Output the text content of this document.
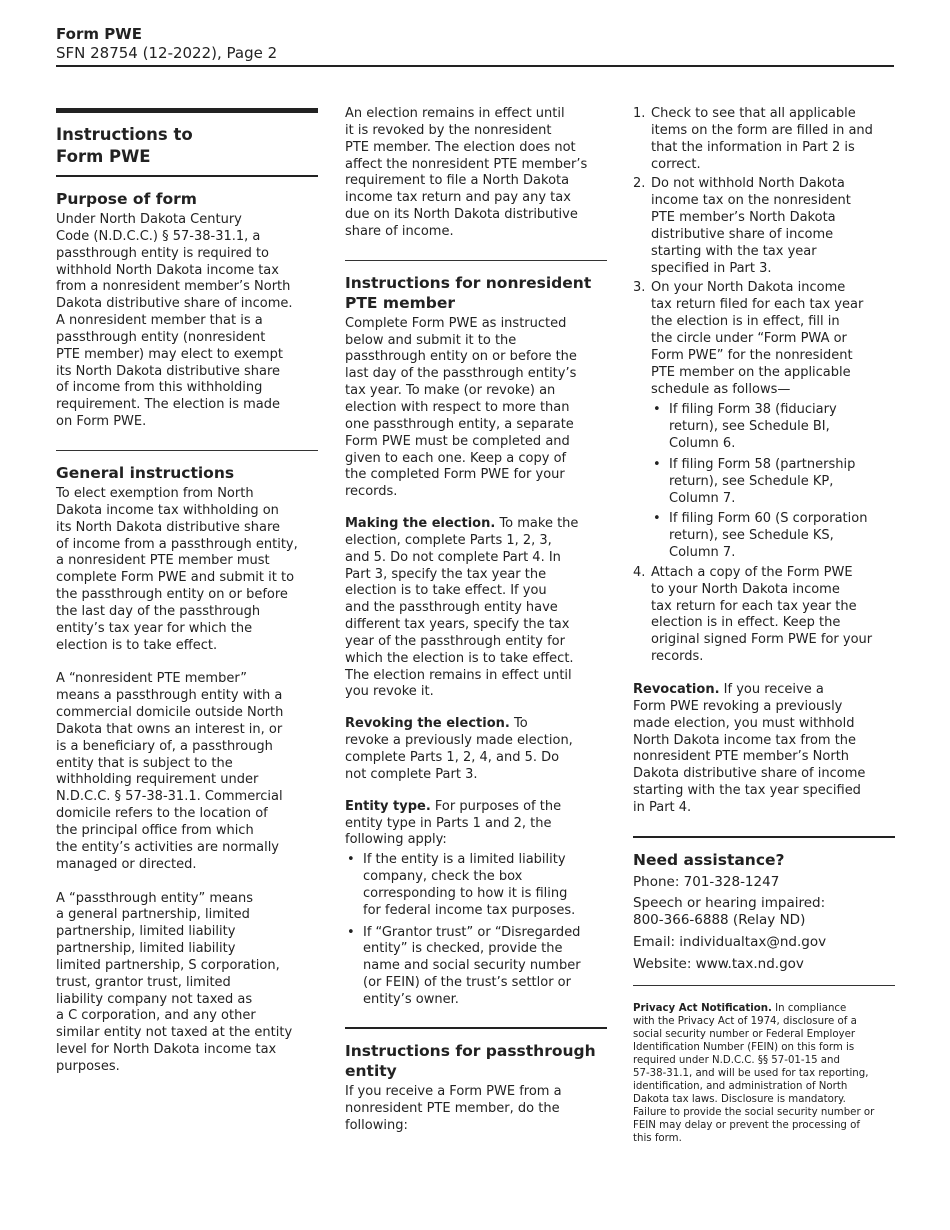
Form PWE
SFN 28754 (12-2022), Page 2
Instructions to
Form PWE
Purpose of form

Under North Dakota Century
Code (N.D.C.C.) § 57-38-31.1, a
passthrough entity is required to
withhold North Dakota income tax
from a nonresident member’s North
Dakota distributive share of income.
A nonresident member that is a
passthrough entity (nonresident
PTE member) may elect to exempt
its North Dakota distributive share
of income from this withholding
requirement. The election is made
on Form PWE.

General instructions

To elect exemption from North
Dakota income tax withholding on
its North Dakota distributive share
of income from a passthrough entity,
a nonresident PTE member must
complete Form PWE and submit it to
the passthrough entity on or before
the last day of the passthrough
entity’s tax year for which the
election is to take effect.

A “nonresident PTE member”
means a passthrough entity with a
commercial domicile outside North
Dakota that owns an interest in, or
is a beneficiary of, a passthrough
entity that is subject to the
withholding requirement under
N.D.C.C. § 57-38-31.1. Commercial
domicile refers to the location of
the principal office from which
the entity’s activities are normally
managed or directed.

A “passthrough entity” means
a general partnership, limited
partnership, limited liability
partnership, limited liability
limited partnership, S corporation,
trust, grantor trust, limited
liability company not taxed as
a C corporation, and any other
similar entity not taxed at the entity
level for North Dakota income tax
purposes.

An election remains in effect until
it is revoked by the nonresident
PTE member. The election does not
affect the nonresident PTE member’s
requirement to file a North Dakota
income tax return and pay any tax
due on its North Dakota distributive
share of income.

Instructions for nonresident
PTE member

Complete Form PWE as instructed
below and submit it to the
passthrough entity on or before the
last day of the passthrough entity’s
tax year. To make (or revoke) an
election with respect to more than
one passthrough entity, a separate
Form PWE must be completed and
given to each one. Keep a copy of
the completed Form PWE for your
records.

Making the election. To make the
election, complete Parts 1, 2, 3,
and 5. Do not complete Part 4. In
Part 3, specify the tax year the
election is to take effect. If you
and the passthrough entity have
different tax years, specify the tax
year of the passthrough entity for
which the election is to take effect.
The election remains in effect until
you revoke it.

Revoking the election. To
revoke a previously made election,
complete Parts 1, 2, 4, and 5. Do
not complete Part 3.

Entity type. For purposes of the
entity type in Parts 1 and 2, the
following apply:

• If the entity is a limited liability
company, check the box
corresponding to how it is filing
for federal income tax purposes.
• If “Grantor trust” or “Disregarded
entity” is checked, provide the
name and social security number
(or FEIN) of the trust’s settlor or
entity’s owner.
Instructions for passthrough
entity

If you receive a Form PWE from a
nonresident PTE member, do the
following:

1. Check to see that all applicable
items on the form are filled in and
that the information in Part 2 is
correct.
2. Do not withhold North Dakota
income tax on the nonresident
PTE member’s North Dakota
distributive share of income
starting with the tax year
specified in Part 3.
3. On your North Dakota income
tax return filed for each tax year
the election is in effect, fill in
the circle under “Form PWA or
Form PWE” for the nonresident
PTE member on the applicable
schedule as follows—
• If filing Form 38 (fiduciary
return), see Schedule BI,
Column 6.
• If filing Form 58 (partnership
return), see Schedule KP,
Column 7.
• If filing Form 60 (S corporation
return), see Schedule KS,
Column 7.
4. Attach a copy of the Form PWE
to your North Dakota income
tax return for each tax year the
election is in effect. Keep the
original signed Form PWE for your
records.

Revocation. If you receive a
Form PWE revoking a previously
made election, you must withhold
North Dakota income tax from the
nonresident PTE member’s North
Dakota distributive share of income
starting with the tax year specified
in Part 4.

Need assistance?

Phone: 701-328-1247

Speech or hearing impaired:
800-366-6888 (Relay ND)

Email: individualtax@nd.gov

Website: www.tax.nd.gov

Privacy Act Notification. In compliance
with the Privacy Act of 1974, disclosure of a
social security number or Federal Employer
Identification Number (FEIN) on this form is
required under N.D.C.C. §§ 57-01-15 and
57-38-31.1, and will be used for tax reporting,
identification, and administration of North
Dakota tax laws. Disclosure is mandatory.
Failure to provide the social security number or
FEIN may delay or prevent the processing of
this form.
